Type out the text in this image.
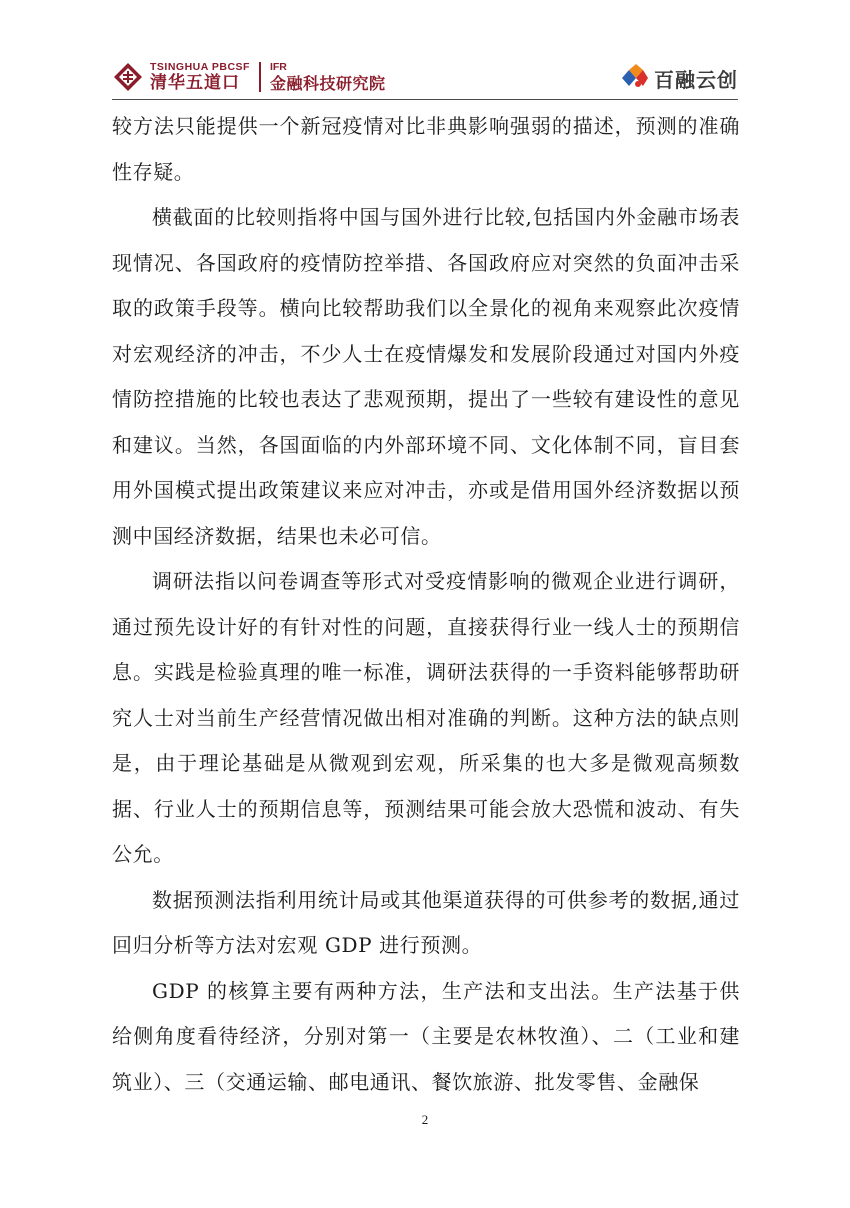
TSINGHUA PBCSF
清华五道口
IFR
金融科技研究院	百融云创

较方法只能提供一个新冠疫情对比非典影响强弱的描述，预测的准确性存疑。

横截面的比较则指将中国与国外进行比较,包括国内外金融市场表现情况、各国政府的疫情防控举措、各国政府应对突然的负面冲击采取的政策手段等。横向比较帮助我们以全景化的视角来观察此次疫情对宏观经济的冲击，不少人士在疫情爆发和发展阶段通过对国内外疫情防控措施的比较也表达了悲观预期，提出了一些较有建设性的意见和建议。当然，各国面临的内外部环境不同、文化体制不同，盲目套用外国模式提出政策建议来应对冲击，亦或是借用国外经济数据以预测中国经济数据，结果也未必可信。

调研法指以问卷调查等形式对受疫情影响的微观企业进行调研，通过预先设计好的有针对性的问题，直接获得行业一线人士的预期信息。实践是检验真理的唯一标准，调研法获得的一手资料能够帮助研究人士对当前生产经营情况做出相对准确的判断。这种方法的缺点则是，由于理论基础是从微观到宏观，所采集的也大多是微观高频数据、行业人士的预期信息等，预测结果可能会放大恐慌和波动、有失公允。

数据预测法指利用统计局或其他渠道获得的可供参考的数据,通过回归分析等方法对宏观 GDP 进行预测。

GDP 的核算主要有两种方法，生产法和支出法。生产法基于供给侧角度看待经济，分别对第一（主要是农林牧渔）、二（工业和建筑业）、三（交通运输、邮电通讯、餐饮旅游、批发零售、金融保

2
